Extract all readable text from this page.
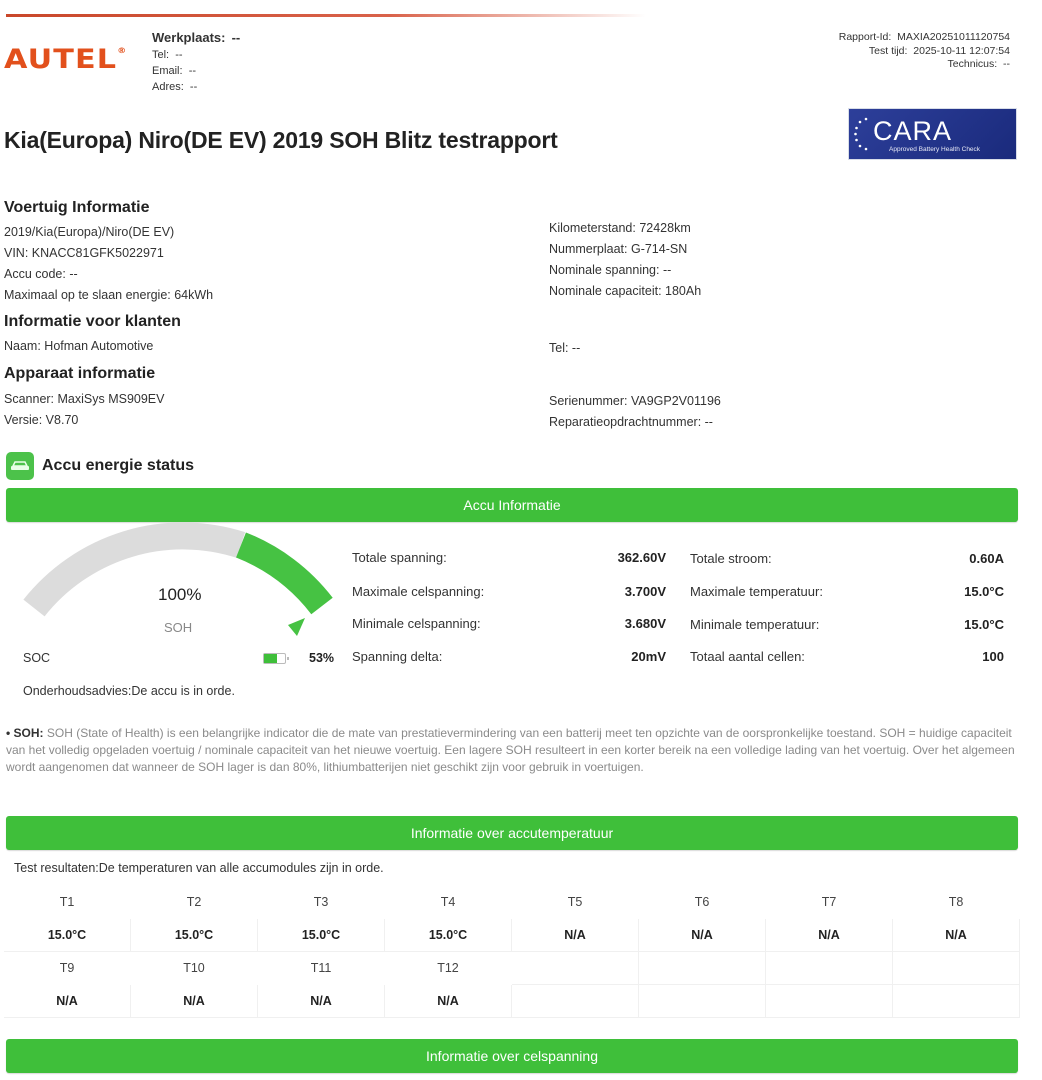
AUTEL®
Werkplaats: --
Tel: --
Email: --
Adres: --
Rapport-Id: MAXIA20251011120754
Test tijd: 2025-10-11 12:07:54
Technicus: --
Kia(Europa) Niro(DE EV) 2019 SOH Blitz testrapport	CARA
Approved Battery Health Check
Voertuig Informatie
2019/Kia(Europa)/Niro(DE EV)
VIN: KNACC81GFK5022971
Accu code: --
Maximaal op te slaan energie: 64kWh
Kilometerstand: 72428km
Nummerplaat: G-714-SN
Nominale spanning: --
Nominale capaciteit: 180Ah
Informatie voor klanten
Naam: Hofman Automotive	Tel: --
Apparaat informatie
Scanner: MaxiSys MS909EV
Versie: V8.70
Serienummer: VA9GP2V01196
Reparatieopdrachtnummer: --
Accu energie status
Accu Informatie
100%
SOH
SOC	53%
Onderhoudsadvies:De accu is in orde.
Totale spanning:	362.60V
Maximale celspanning:	3.700V
Minimale celspanning:	3.680V
Spanning delta:	20mV
Totale stroom:	0.60A
Maximale temperatuur:	15.0°C
Minimale temperatuur:	15.0°C
Totaal aantal cellen:	100
• SOH: SOH (State of Health) is een belangrijke indicator die de mate van prestatievermindering van een batterij meet ten opzichte van de oorspronkelijke toestand. SOH = huidige capaciteit van het volledig opgeladen voertuig / nominale capaciteit van het nieuwe voertuig. Een lagere SOH resulteert in een korter bereik na een volledige lading van het voertuig. Over het algemeen wordt aangenomen dat wanneer de SOH lager is dan 80%, lithiumbatterijen niet geschikt zijn voor gebruik in voertuigen.
Informatie over accutemperatuur
Test resultaten:De temperaturen van alle accumodules zijn in orde.
T1	T2	T3	T4	T5	T6	T7	T8
15.0°C	15.0°C	15.0°C	15.0°C	N/A	N/A	N/A	N/A
T9	T10	T11	T12
N/A	N/A	N/A	N/A
Informatie over celspanning
